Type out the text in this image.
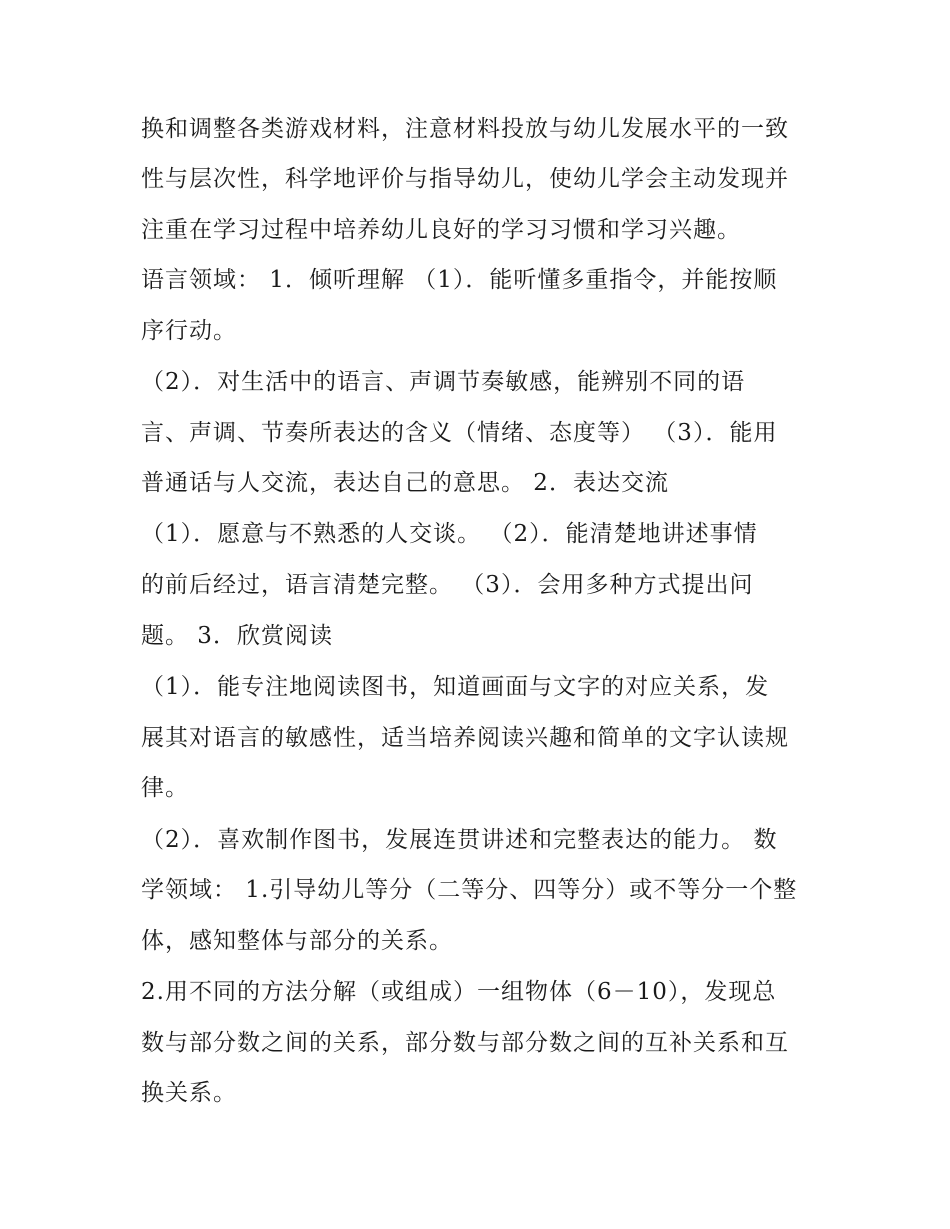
换和调整各类游戏材料，注意材料投放与幼儿发展水平的一致
性与层次性，科学地评价与指导幼儿，使幼儿学会主动发现并
注重在学习过程中培养幼儿良好的学习习惯和学习兴趣。
语言领域： 1．倾听理解 （1）．能听懂多重指令，并能按顺
序行动。
（2）．对生活中的语言、声调节奏敏感，能辨别不同的语
言、声调、节奏所表达的含义（情绪、态度等） （3）．能用
普通话与人交流，表达自己的意思。 2．表达交流
（1）．愿意与不熟悉的人交谈。 （2）．能清楚地讲述事情
的前后经过，语言清楚完整。 （3）．会用多种方式提出问
题。 3．欣赏阅读
（1）．能专注地阅读图书，知道画面与文字的对应关系，发
展其对语言的敏感性，适当培养阅读兴趣和简单的文字认读规
律。
（2）．喜欢制作图书，发展连贯讲述和完整表达的能力。 数
学领域： 1.引导幼儿等分（二等分、四等分）或不等分一个整
体，感知整体与部分的关系。
2.用不同的方法分解（或组成）一组物体（6－10），发现总
数与部分数之间的关系，部分数与部分数之间的互补关系和互
换关系。
